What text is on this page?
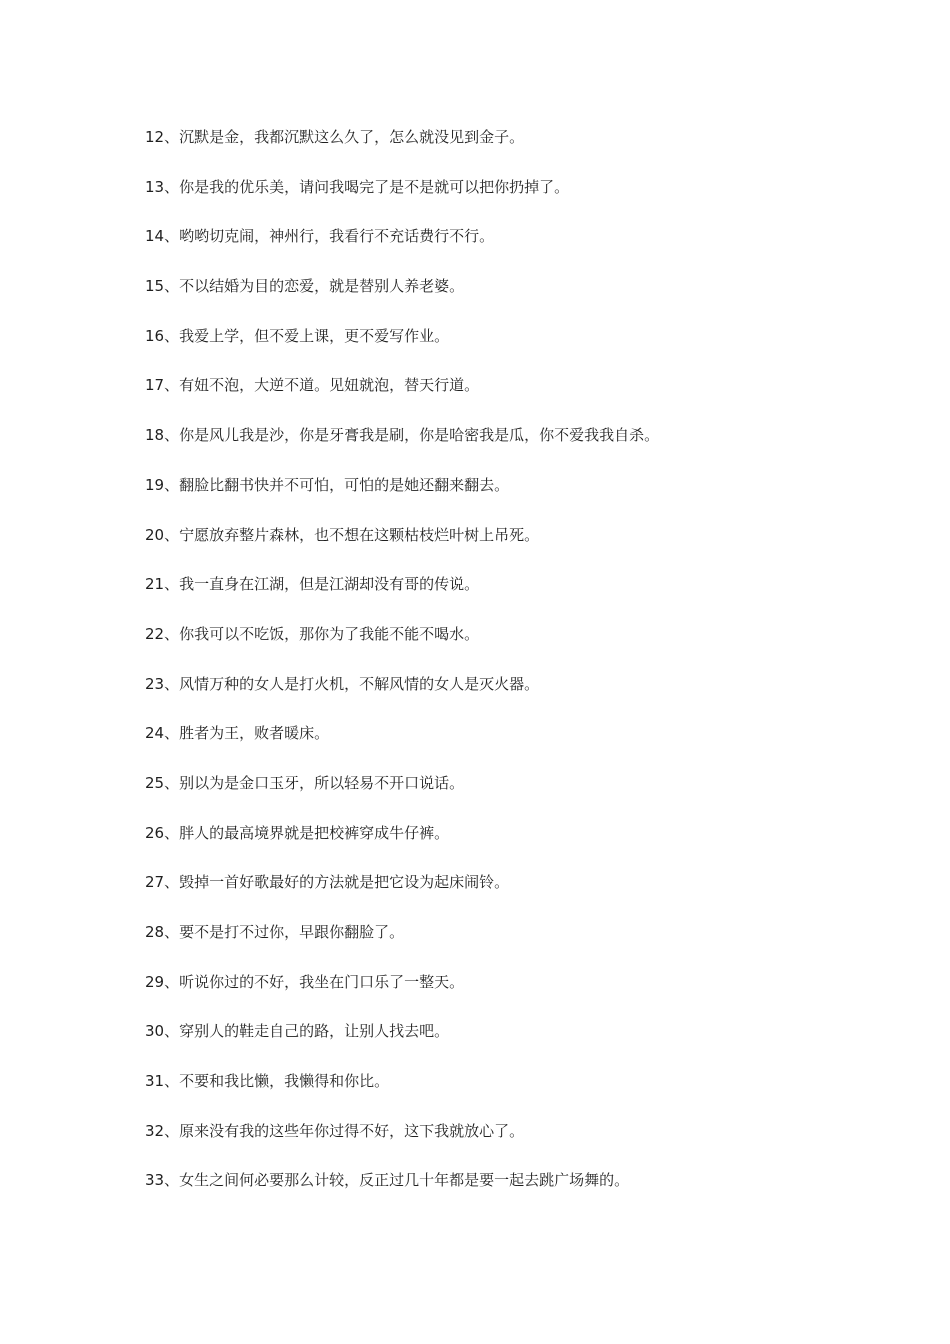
12、沉默是金，我都沉默这么久了，怎么就没见到金子。
13、你是我的优乐美，请问我喝完了是不是就可以把你扔掉了。
14、哟哟切克闹，神州行，我看行不充话费行不行。
15、不以结婚为目的恋爱，就是替别人养老婆。
16、我爱上学，但不爱上课，更不爱写作业。
17、有妞不泡，大逆不道。见妞就泡，替天行道。
18、你是风儿我是沙，你是牙膏我是刷，你是哈密我是瓜，你不爱我我自杀。
19、翻脸比翻书快并不可怕，可怕的是她还翻来翻去。
20、宁愿放弃整片森林，也不想在这颗枯枝烂叶树上吊死。
21、我一直身在江湖，但是江湖却没有哥的传说。
22、你我可以不吃饭，那你为了我能不能不喝水。
23、风情万种的女人是打火机，不解风情的女人是灭火器。
24、胜者为王，败者暖床。
25、别以为是金口玉牙，所以轻易不开口说话。
26、胖人的最高境界就是把校裤穿成牛仔裤。
27、毁掉一首好歌最好的方法就是把它设为起床闹铃。
28、要不是打不过你，早跟你翻脸了。
29、听说你过的不好，我坐在门口乐了一整天。
30、穿别人的鞋走自己的路，让别人找去吧。
31、不要和我比懒，我懒得和你比。
32、原来没有我的这些年你过得不好，这下我就放心了。
33、女生之间何必要那么计较，反正过几十年都是要一起去跳广场舞的。
